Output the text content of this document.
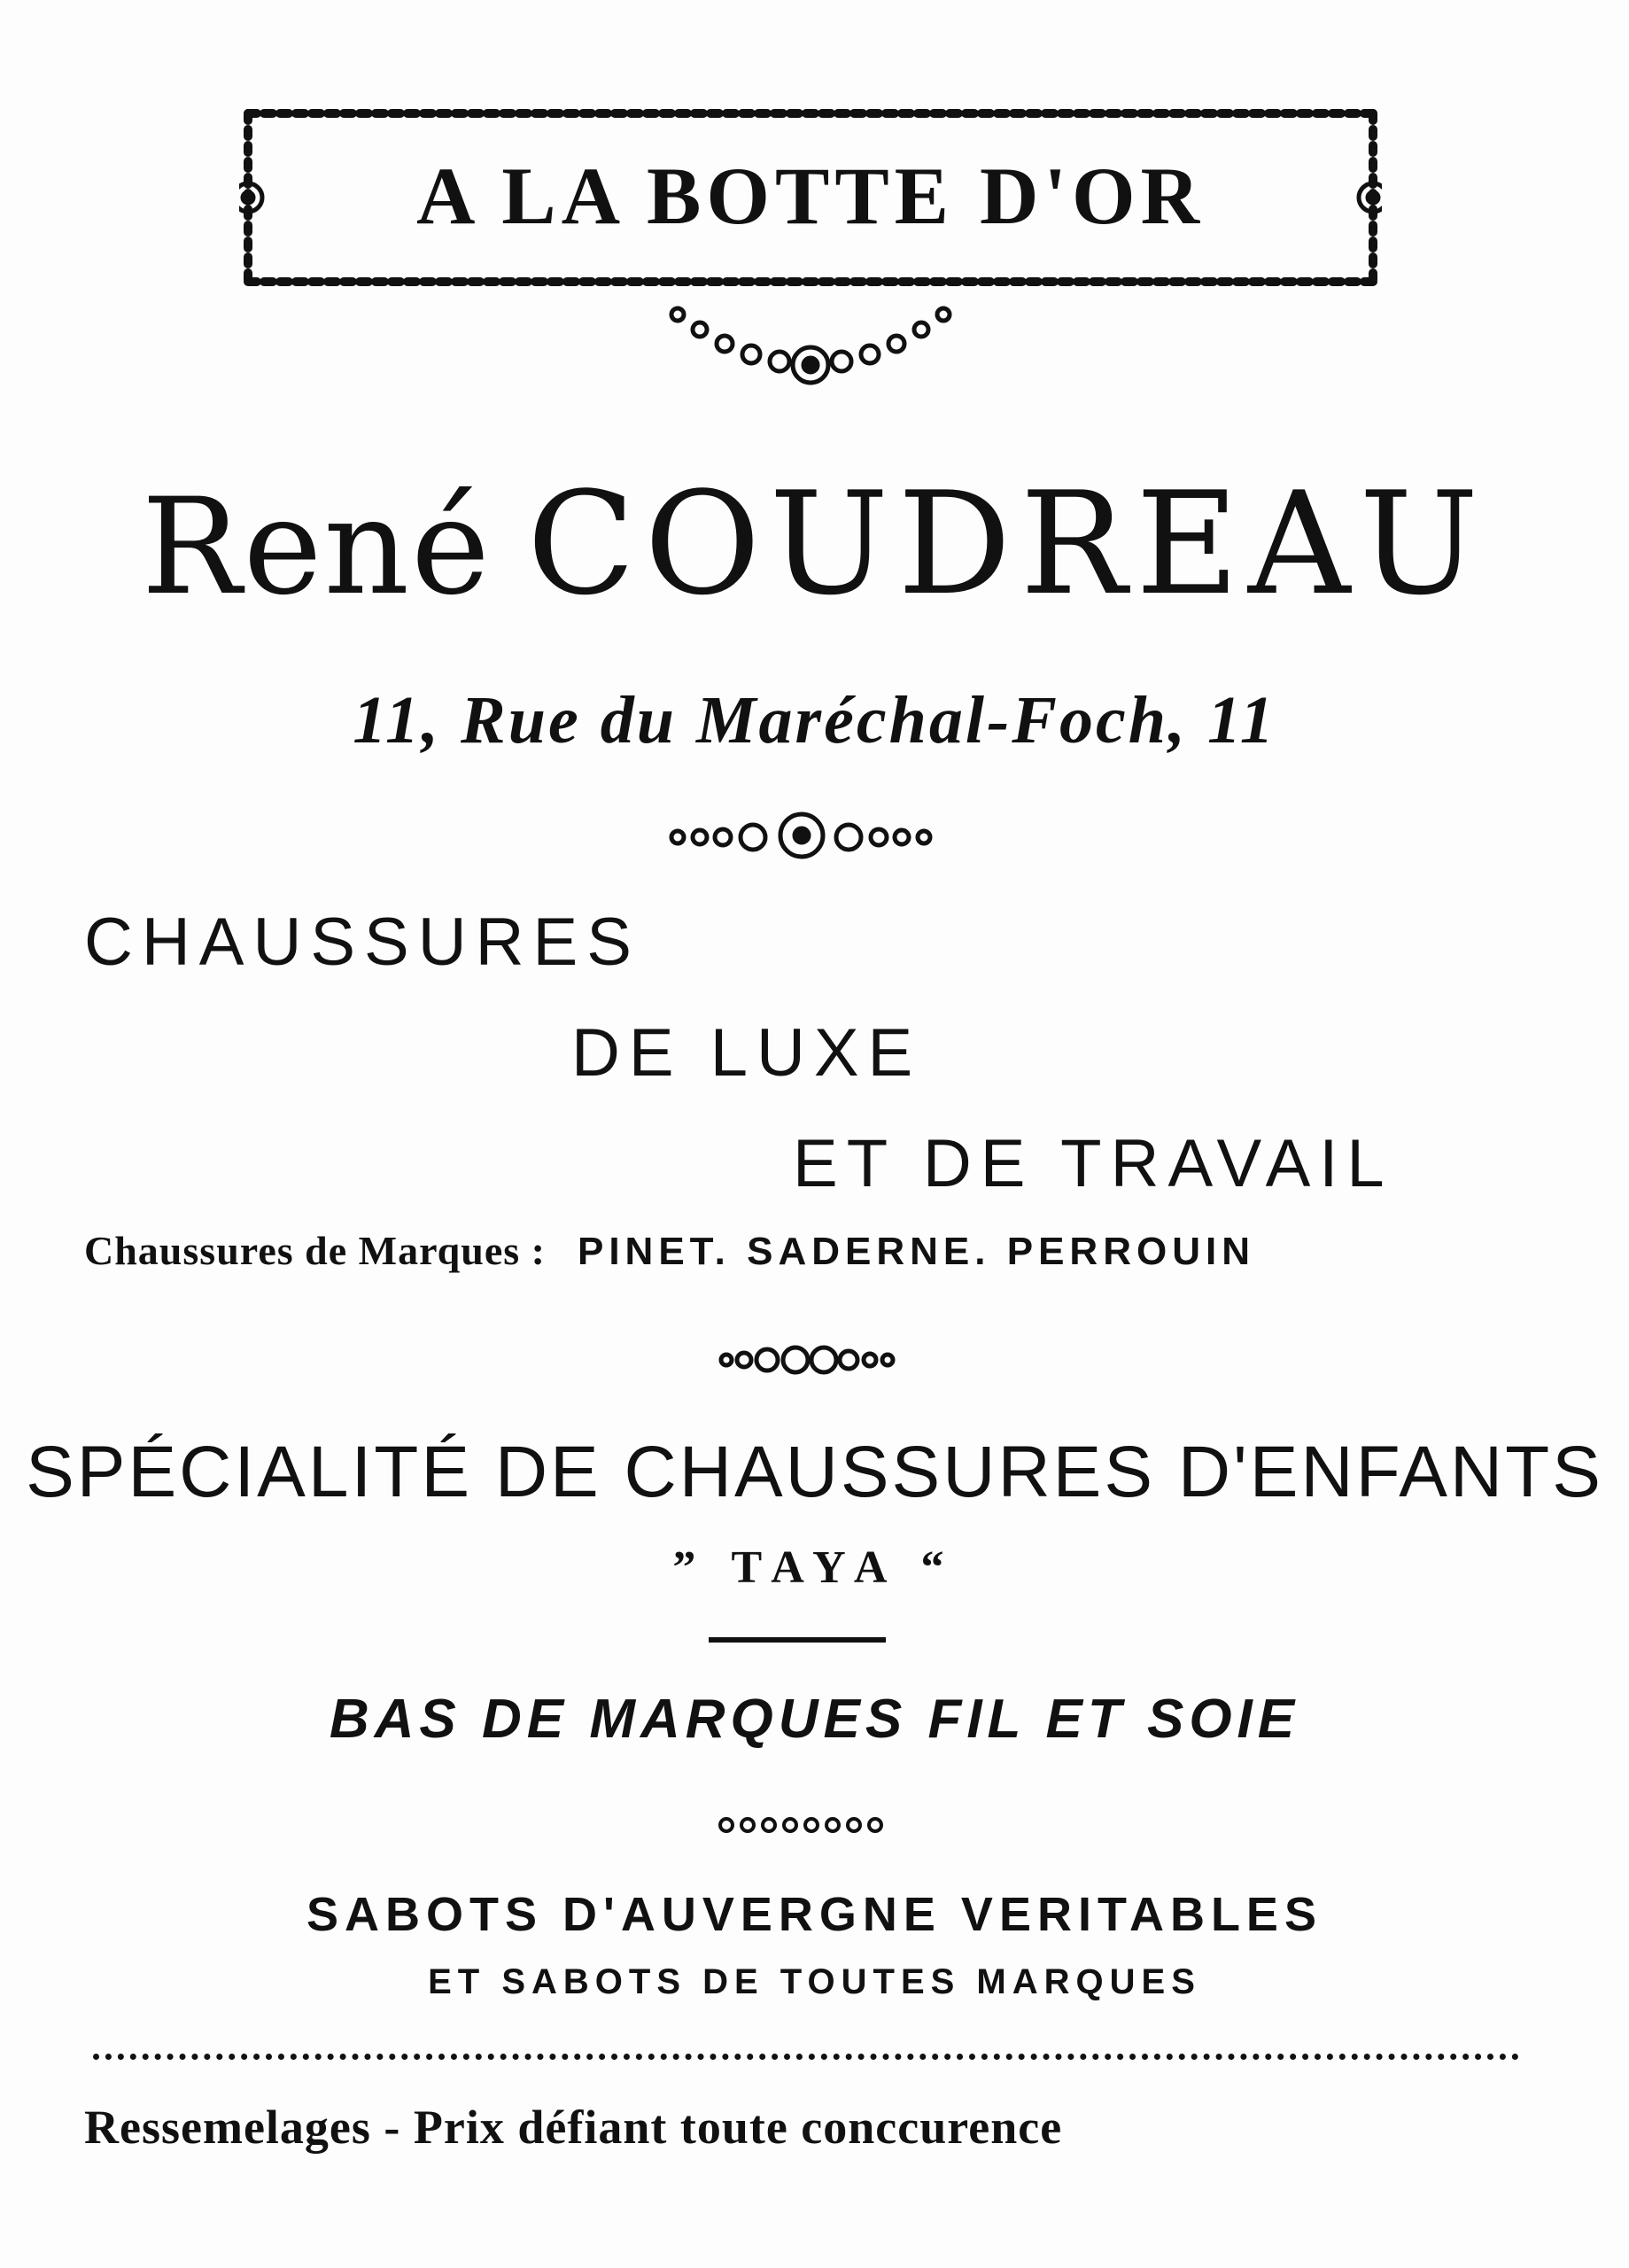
A LA BOTTE D'OR
René COUDREAU
11, Rue du Maréchal-Foch, 11
CHAUSSURES
DE LUXE
ET DE TRAVAIL
Chaussures de Marques : PINET. SADERNE. PERROUIN
SPÉCIALITÉ DE CHAUSSURES D'ENFANTS
” TAYA “
BAS DE MARQUES FIL ET SOIE
SABOTS D'AUVERGNE VERITABLES
ET SABOTS DE TOUTES MARQUES
Ressemelages - Prix défiant toute conccurence
